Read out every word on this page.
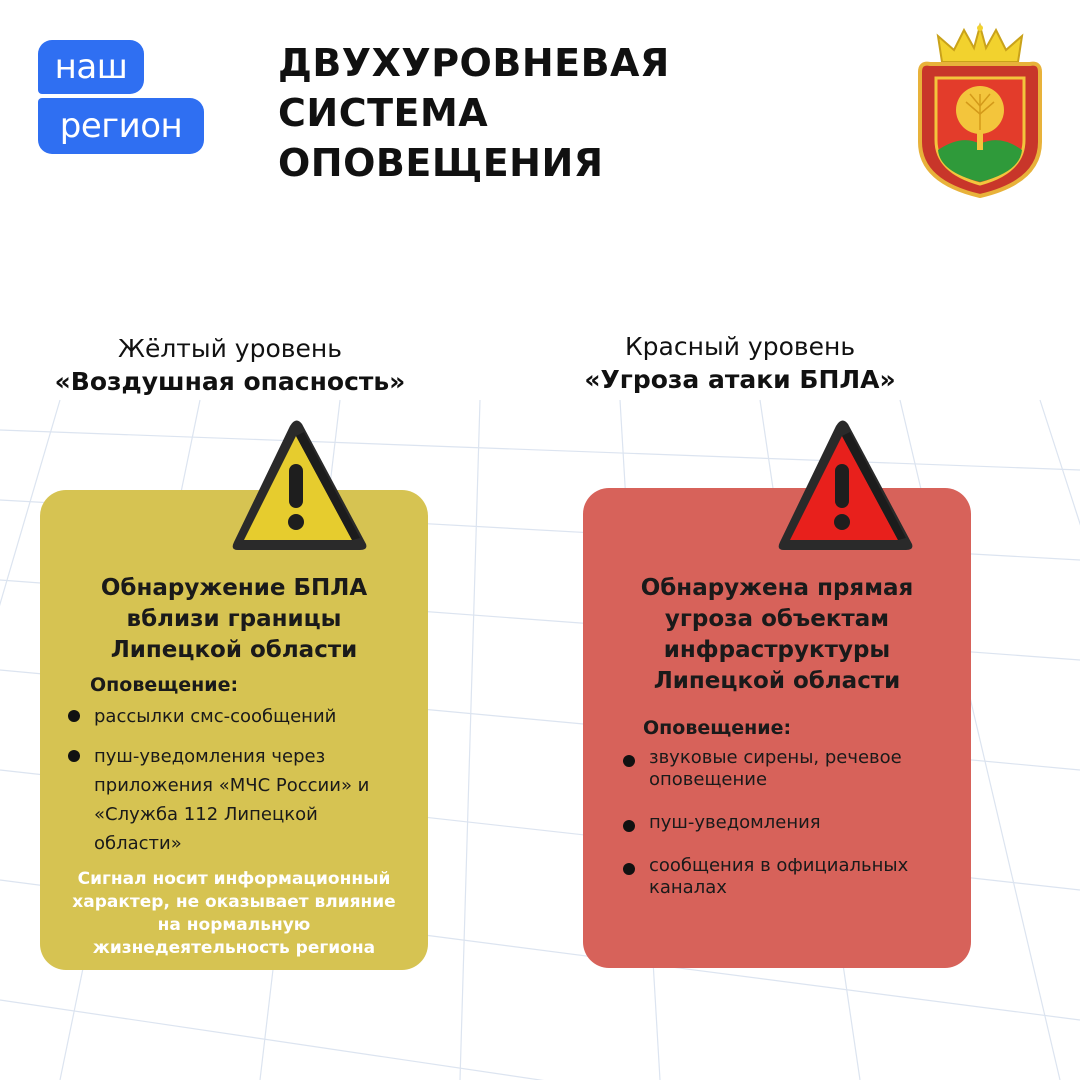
наш
регион
ДВУХУРОВНЕВАЯ
СИСТЕМА
ОПОВЕЩЕНИЯ
Жёлтый уровень
«Воздушная опасность»
Обнаружение БПЛА вблизи границы Липецкой области
Оповещение:
рассылки смс-сообщений
пуш-уведомления через приложения «МЧС России» и «Служба 112 Липецкой области»

Сигнал носит информационный характер, не оказывает влияние на нормальную жизнедеятельность региона

Красный уровень
«Угроза атаки БПЛА»
Обнаружена прямая угроза объектам инфраструктуры Липецкой области
Оповещение:
звуковые сирены, речевое оповещение
пуш-уведомления
сообщения в официальных каналах
